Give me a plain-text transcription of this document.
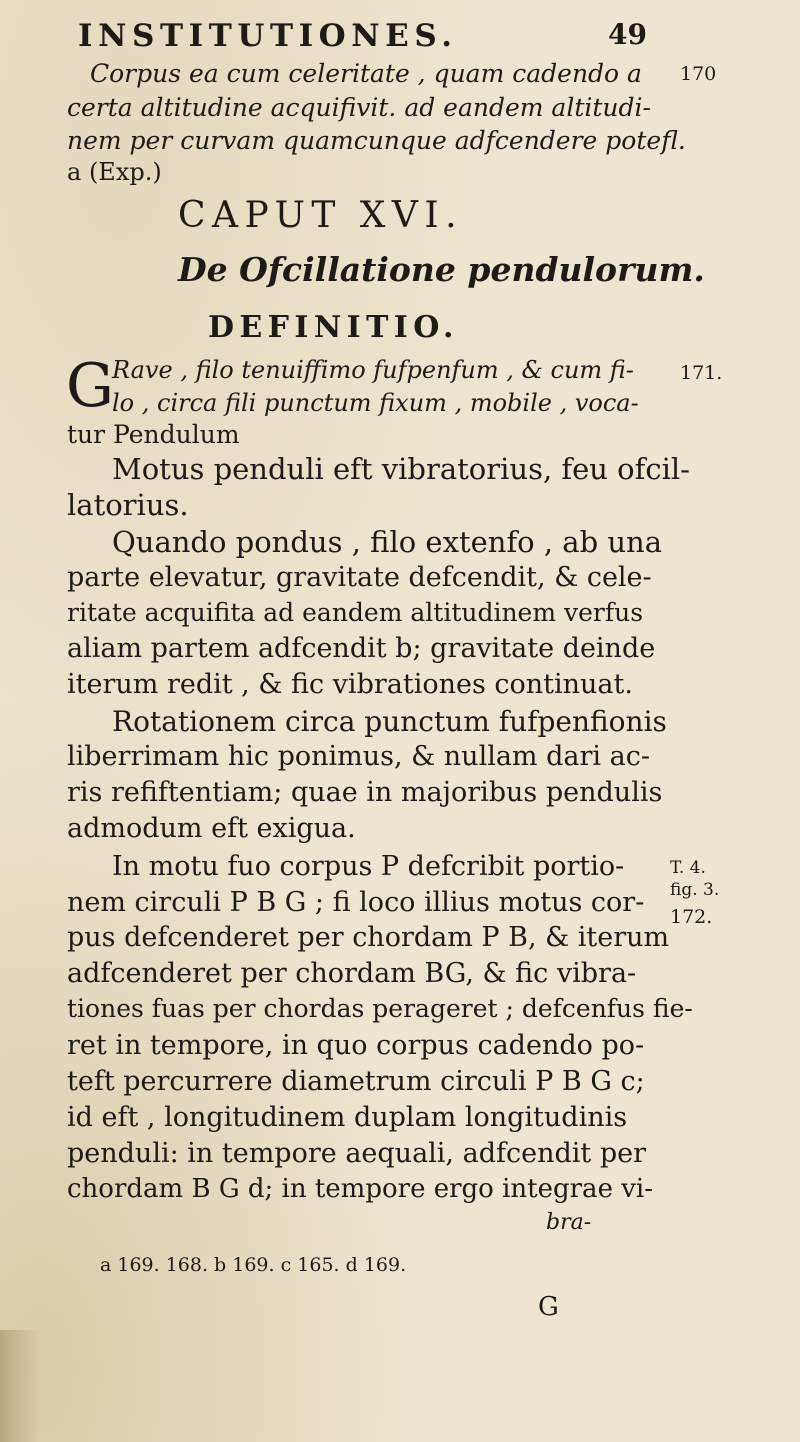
INSTITUTIONES.	49
Corpus ea cum celeritate , quam cadendo a 170
certa altitudine acquifivit. ad eandem altitudi-
nem per curvam quamcunque adfcendere potefl.
a (Exp.)
CAPUT XVI.
De Ofcillatione pendulorum.
DEFINITIO.
G
Rave , filo tenuiffimo fufpenfum , & cum fi- 171.
lo , circa fili punctum fixum , mobile , voca-
tur Pendulum
Motus penduli eft vibratorius, feu ofcil-
latorius.
Quando pondus , filo extenfo , ab una
parte elevatur, gravitate defcendit, & cele-
ritate acquifita ad eandem altitudinem verfus
aliam partem adfcendit b; gravitate deinde
iterum redit , & fic vibrationes continuat.
Rotationem circa punctum fufpenfionis
liberrimam hic ponimus, & nullam dari ac-
ris refiftentiam; quae in majoribus pendulis
admodum eft exigua.
In motu fuo corpus P defcribit portio-	T. 4.
nem circuli P B G ; fi loco illius motus cor- fig. 3.
pus defcenderet per chordam P B, & iterum
172.
adfcenderet per chordam BG, & fic vibra-
tiones fuas per chordas perageret ; defcenfus fie-
ret in tempore, in quo corpus cadendo po-
teft percurrere diametrum circuli P B G c;
id eft , longitudinem duplam longitudinis
penduli: in tempore aequali, adfcendit per
chordam B G d; in tempore ergo integrae vi-
bra-
a 169. 168. b 169. c 165. d 169.
G
